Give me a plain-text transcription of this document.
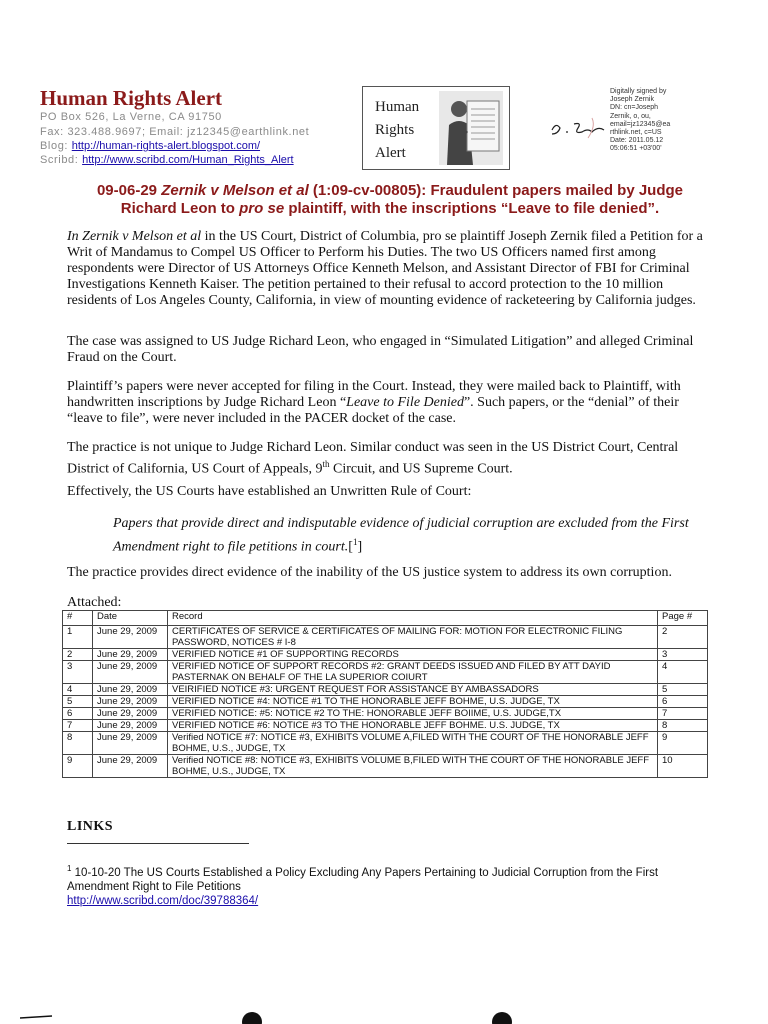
Human Rights Alert
PO Box 526, La Verne, CA 91750
Fax: 323.488.9697; Email: jz12345@earthlink.net
Blog: http://human-rights-alert.blogspot.com/
Scribd: http://www.scribd.com/Human_Rights_Alert
Human
Rights
Alert
Digitally signed by
Joseph Zernik
DN: cn=Joseph
Zernik, o, ou,
email=jz12345@ea
rthlink.net, c=US
Date: 2011.05.12
05:06:51 +03'00'
09-06-29 Zernik v Melson et al (1:09-cv-00805): Fraudulent papers mailed by Judge
Richard Leon to pro se plaintiff, with the inscriptions “Leave to file denied”.
In Zernik v Melson et al in the US Court, District of Columbia, pro se plaintiff Joseph Zernik filed a Petition for a Writ of Mandamus to Compel US Officer to Perform his Duties. The two US Officers named first among respondents were Director of US Attorneys Office Kenneth Melson, and Assistant Director of FBI for Criminal Investigations Kenneth Kaiser. The petition pertained to their refusal to accord protection to the 10 million residents of Los Angeles County, California, in view of mounting evidence of racketeering by California judges.
The case was assigned to US Judge Richard Leon, who engaged in “Simulated Litigation” and alleged Criminal Fraud on the Court.
Plaintiff’s papers were never accepted for filing in the Court. Instead, they were mailed back to Plaintiff, with handwritten inscriptions by Judge Richard Leon “Leave to File Denied”. Such papers, or the “denial” of their “leave to file”, were never included in the PACER docket of the case.
The practice is not unique to Judge Richard Leon. Similar conduct was seen in the US District Court, Central District of California, US Court of Appeals, 9th Circuit, and US Supreme Court.
Effectively, the US Courts have established an Unwritten Rule of Court:
Papers that provide direct and indisputable evidence of judicial corruption are excluded from the First Amendment right to file petitions in court.[$^1$]
The practice provides direct evidence of the inability of the US justice system to address its own corruption.
Attached:
#	Date	Record	Page #
1	June 29, 2009	CERTIFICATES OF SERVICE & CERTIFICATES OF MAILING FOR: MOTION FOR ELECTRONIC FILING PASSWORD, NOTICES # I-8	2
2	June 29, 2009	VERIFIED NOTICE #1 OF SUPPORTING RECORDS	3
3	June 29, 2009	VERIFIED NOTICE OF SUPPORT RECORDS #2: GRANT DEEDS ISSUED AND FILED BY ATT DAYID PASTERNAK ON BEHALF OF THE LA SUPERIOR COIURT	4
4	June 29, 2009	VEIRIFIED NOTICE #3: URGENT REQUEST FOR ASSISTANCE BY AMBASSADORS	5
5	June 29, 2009	VERIFIED NOTICE #4: NOTICE #1 TO THE HONORABLE JEFF BOHME, U.S. JUDGE, TX	6
6	June 29, 2009	VERIFIED NOTICE: #5: NOTICE #2 TO THE: HONORABLE JEFF BOIIME, U.S. JUDGE,TX	7
7	June 29, 2009	VERIFIED NOTICE #6: NOTICE #3 TO THE HONORABLE JEFF BOHME. U.S. JUDGE, TX	8
8	June 29, 2009	Verified NOTICE #7: NOTICE #3, EXHIBITS VOLUME A,FILED WITH THE COURT OF THE HONORABLE JEFF BOHME, U.S., JUDGE, TX	9
9	June 29, 2009	Verified NOTICE #8: NOTICE #3, EXHIBITS VOLUME B,FILED WITH THE COURT OF THE HONORABLE JEFF BOHME, U.S., JUDGE, TX	10
LINKS
$^1$ 10-10-20 The US Courts Established a Policy Excluding Any Papers Pertaining to Judicial Corruption from the First Amendment Right to File Petitions
http://www.scribd.com/doc/39788364/
